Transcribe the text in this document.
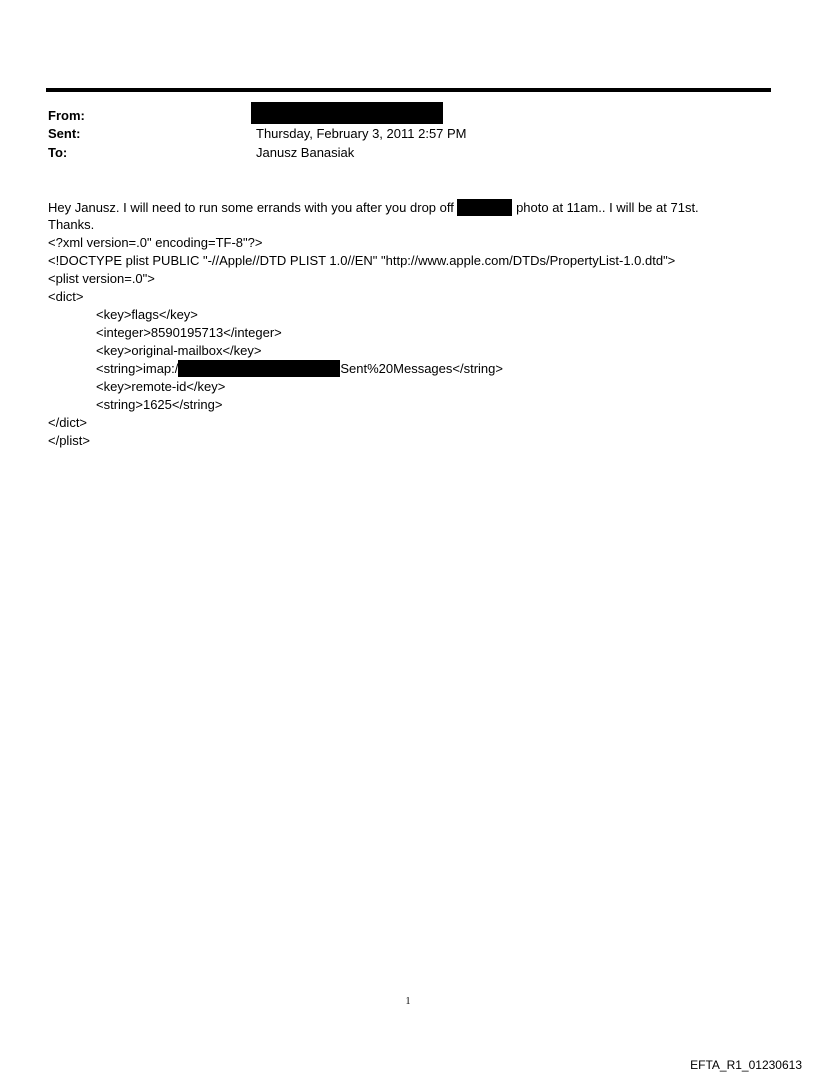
From:
Sent:	Thursday, February 3, 2011 2:57 PM
To:	Janusz Banasiak
Hey Janusz. I will need to run some errands with you after you drop off	photo at 11am.. I will be at 71st.
Thanks.
<?xml version=.0" encoding=TF-8"?>
<!DOCTYPE plist PUBLIC "-//Apple//DTD PLIST 1.0//EN" "http://www.apple.com/DTDs/PropertyList-1.0.dtd">
<plist version=.0">
<dict>
<key>flags</key>
<integer>8590195713</integer>
<key>original-mailbox</key>
<string>imap:/	Sent%20Messages</string>
<key>remote-id</key>
<string>1625</string>
</dict>
</plist>
1
EFTA_R1_01230613
